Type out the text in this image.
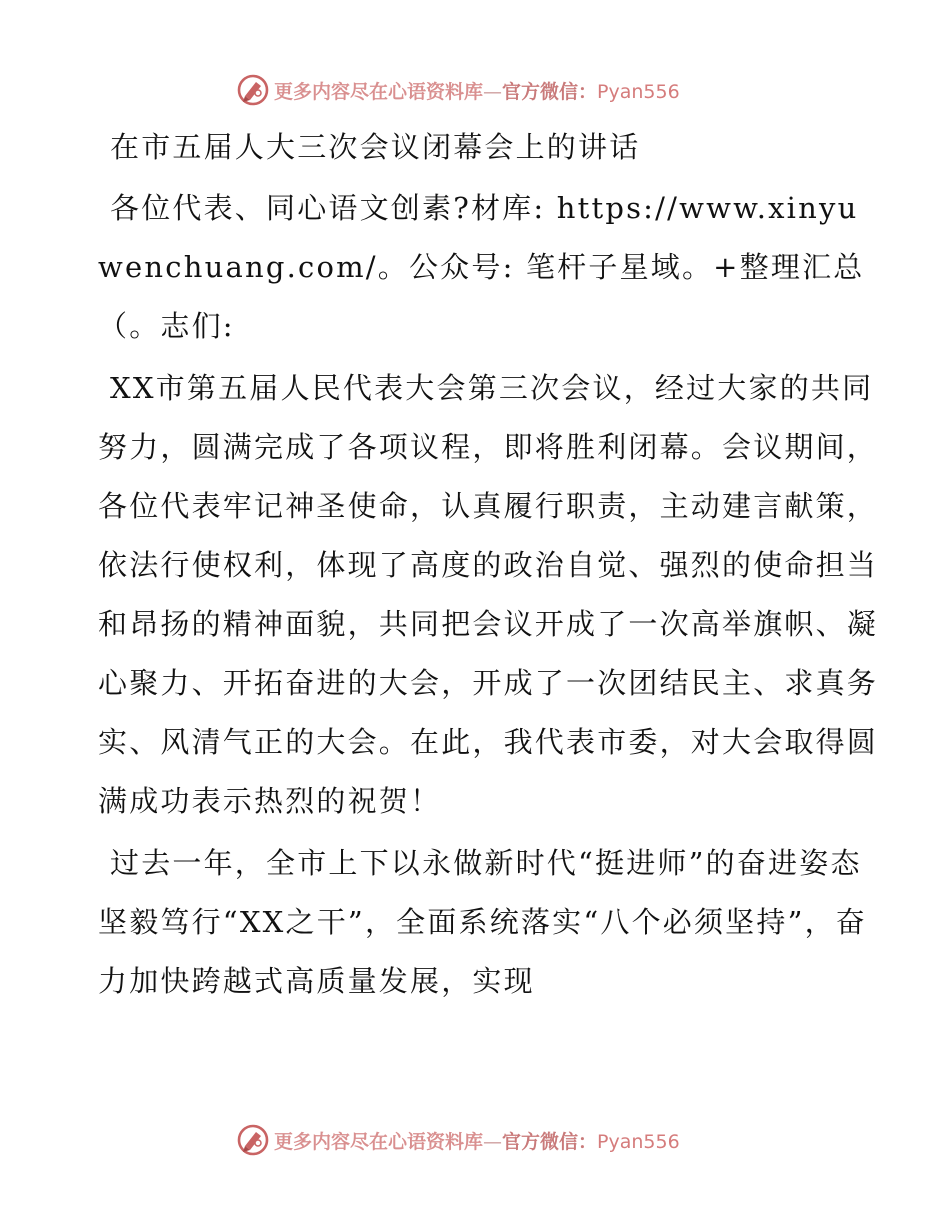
更多内容尽在心语资料库—官方微信：Pyan556

在市五届人大三次会议闭幕会上的讲话

各位代表、同心语文创素?材库: https://www.xinyuwenchuang.com/。公众号: 笔杆子星域。+整理汇总（。志们:

XX市第五届人民代表大会第三次会议，经过大家的共同努力，圆满完成了各项议程，即将胜利闭幕。会议期间，各位代表牢记神圣使命，认真履行职责，主动建言献策，依法行使权利，体现了高度的政治自觉、强烈的使命担当和昂扬的精神面貌，共同把会议开成了一次高举旗帜、凝心聚力、开拓奋进的大会，开成了一次团结民主、求真务实、风清气正的大会。在此，我代表市委，对大会取得圆满成功表示热烈的祝贺！

过去一年，全市上下以永做新时代“挺进师”的奋进姿态坚毅笃行“XX之干”，全面系统落实“八个必须坚持”，奋力加快跨越式高质量发展，实现

更多内容尽在心语资料库—官方微信：Pyan556
